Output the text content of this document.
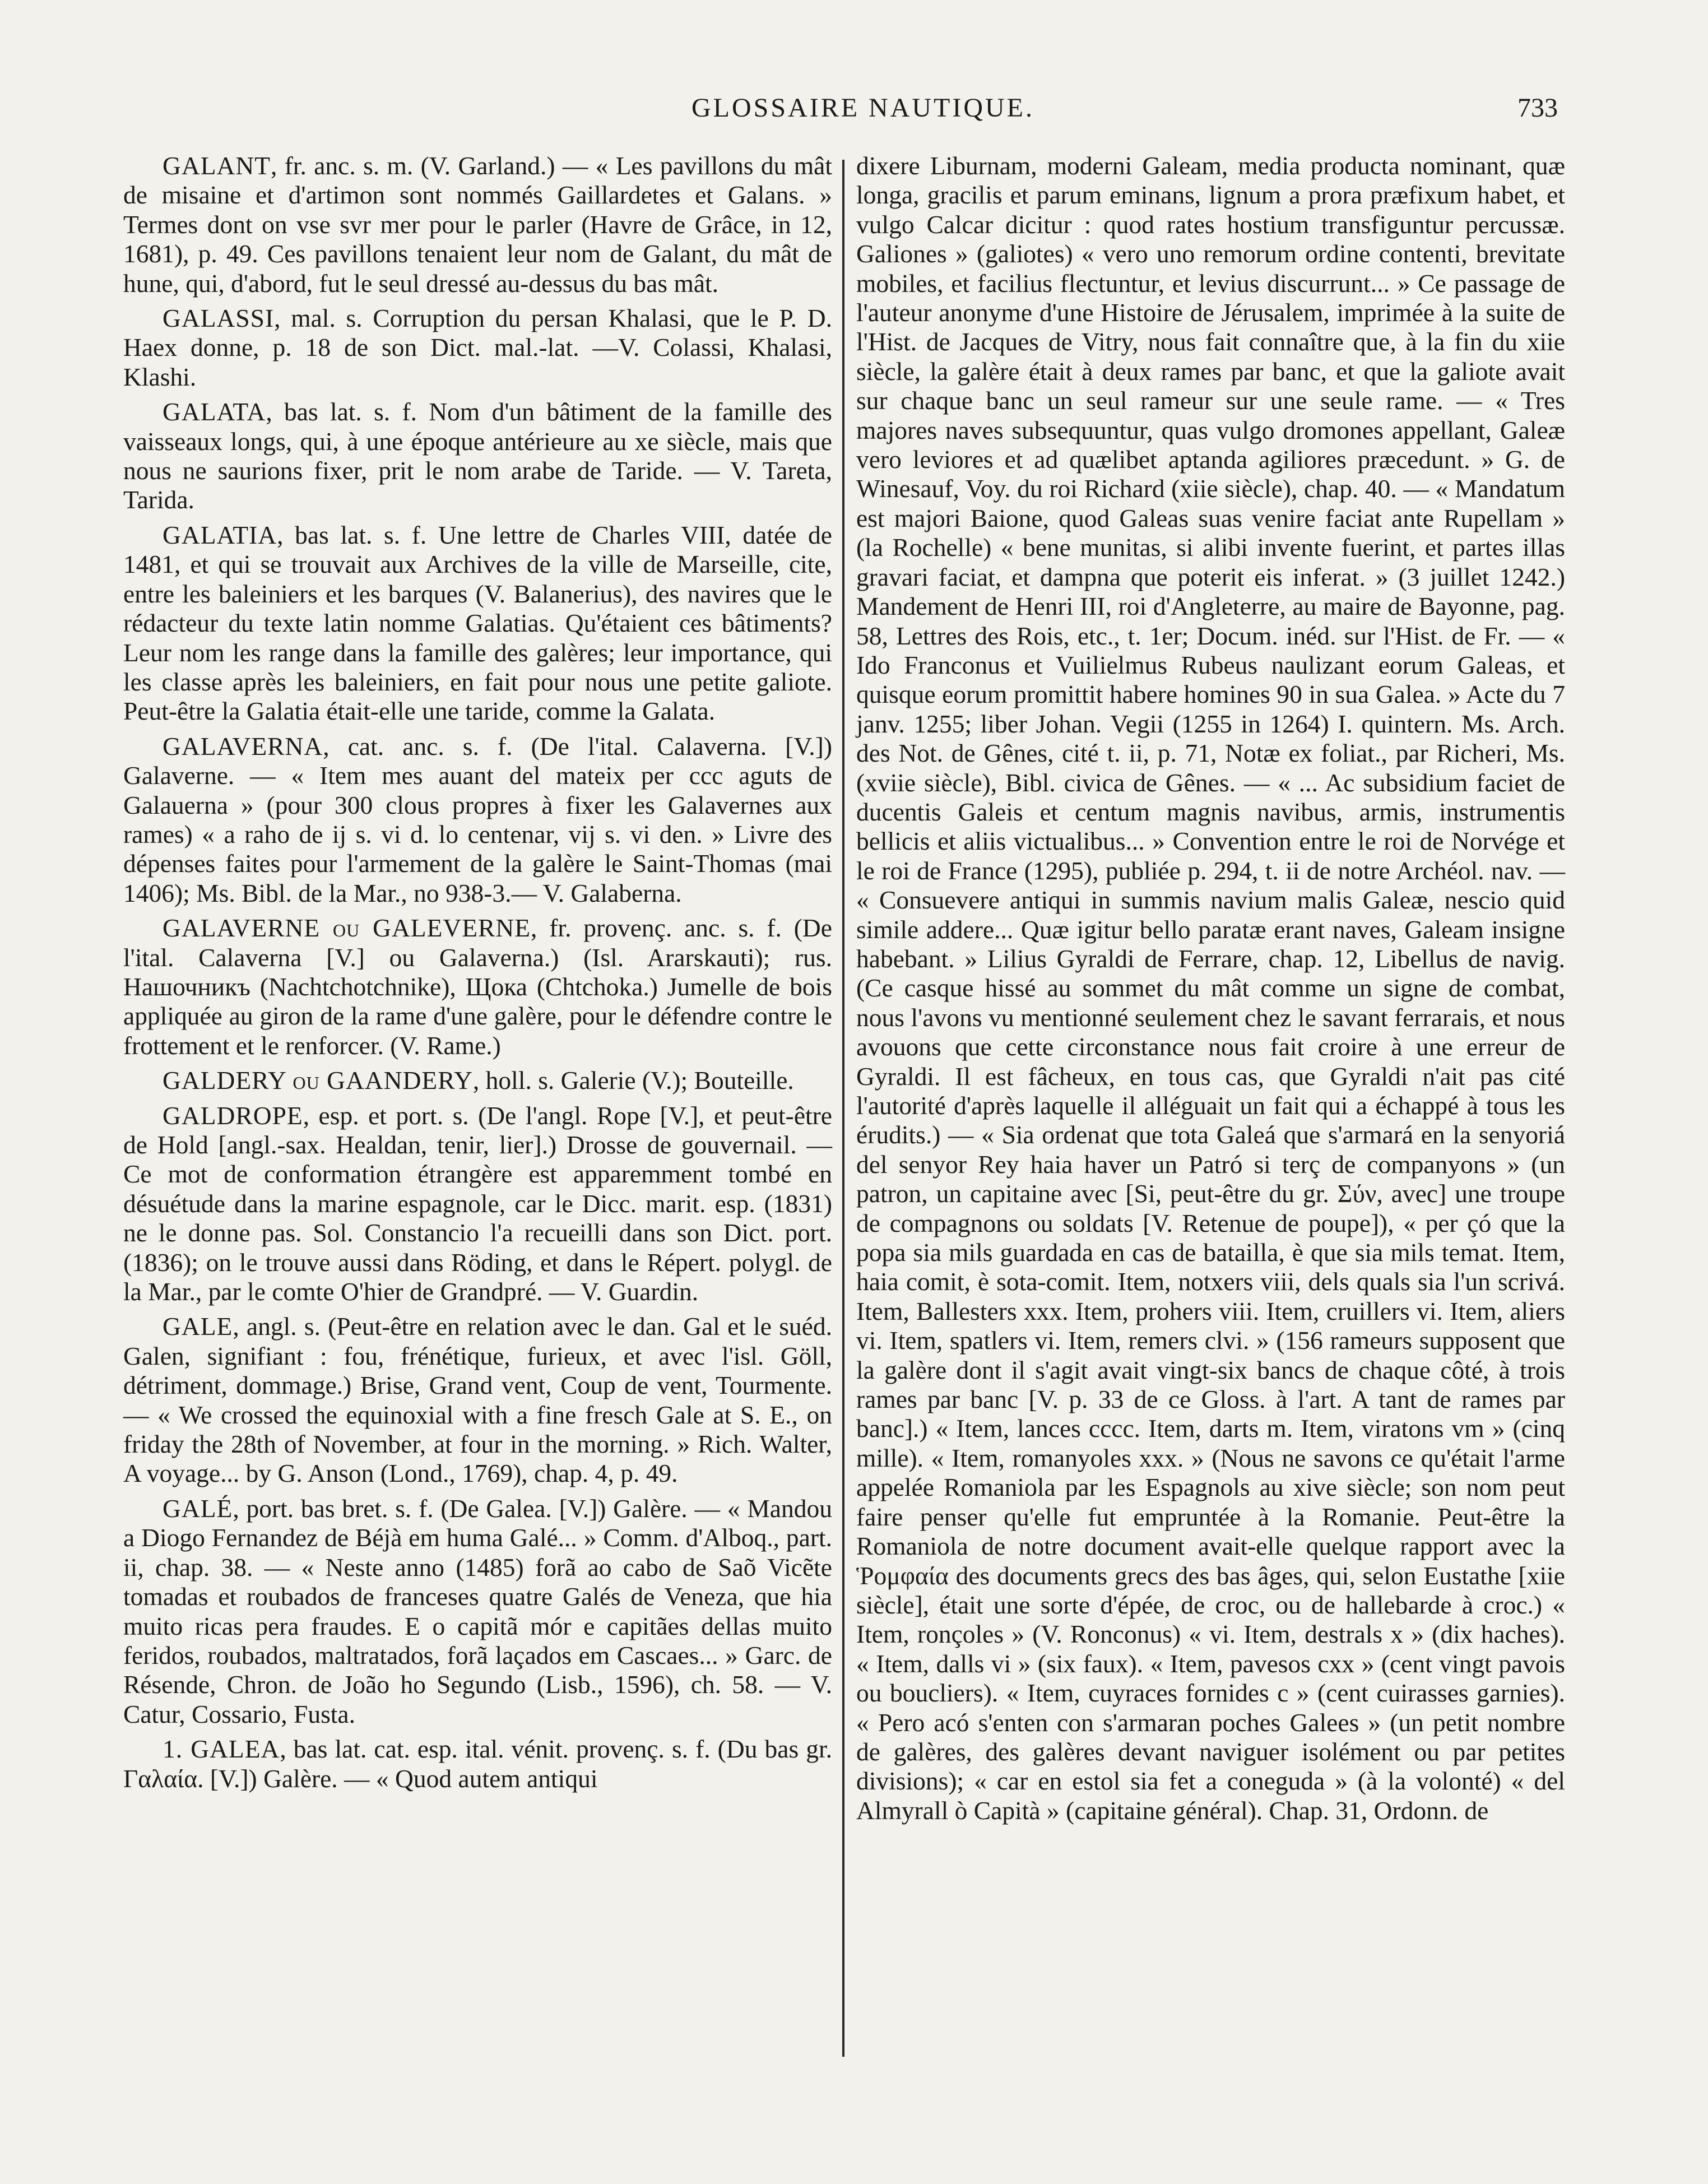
GLOSSAIRE NAUTIQUE.	733

GALANT, fr. anc. s. m. (V. Garland.) — « Les pavillons du mât de misaine et d'artimon sont nommés Gaillardetes et Galans. » Termes dont on vse svr mer pour le parler (Havre de Grâce, in 12, 1681), p. 49. Ces pavillons tenaient leur nom de Galant, du mât de hune, qui, d'abord, fut le seul dressé au-dessus du bas mât.

GALASSI, mal. s. Corruption du persan Khalasi, que le P. D. Haex donne, p. 18 de son Dict. mal.-lat. —V. Colassi, Khalasi, Klashi.

GALATA, bas lat. s. f. Nom d'un bâtiment de la famille des vaisseaux longs, qui, à une époque antérieure au xe siècle, mais que nous ne saurions fixer, prit le nom arabe de Taride. — V. Tareta, Tarida.

GALATIA, bas lat. s. f. Une lettre de Charles VIII, datée de 1481, et qui se trouvait aux Archives de la ville de Marseille, cite, entre les baleiniers et les barques (V. Balanerius), des navires que le rédacteur du texte latin nomme Galatias. Qu'étaient ces bâtiments? Leur nom les range dans la famille des galères; leur importance, qui les classe après les baleiniers, en fait pour nous une petite galiote. Peut-être la Galatia était-elle une taride, comme la Galata.

GALAVERNA, cat. anc. s. f. (De l'ital. Calaverna. [V.]) Galaverne. — « Item mes auant del mateix per ccc aguts de Galauerna » (pour 300 clous propres à fixer les Galavernes aux rames) « a raho de ij s. vi d. lo centenar, vij s. vi den. » Livre des dépenses faites pour l'armement de la galère le Saint-Thomas (mai 1406); Ms. Bibl. de la Mar., no 938-3.— V. Galaberna.

GALAVERNE ou GALEVERNE, fr. provenç. anc. s. f. (De l'ital. Calaverna [V.] ou Galaverna.) (Isl. Ararskauti); rus. Нашочникъ (Nachtchotchnike), Щока (Chtchoka.) Jumelle de bois appliquée au giron de la rame d'une galère, pour le défendre contre le frottement et le renforcer. (V. Rame.)

GALDERY ou GAANDERY, holl. s. Galerie (V.); Bouteille.

GALDROPE, esp. et port. s. (De l'angl. Rope [V.], et peut-être de Hold [angl.-sax. Healdan, tenir, lier].) Drosse de gouvernail. — Ce mot de conformation étrangère est apparemment tombé en désuétude dans la marine espagnole, car le Dicc. marit. esp. (1831) ne le donne pas. Sol. Constancio l'a recueilli dans son Dict. port. (1836); on le trouve aussi dans Röding, et dans le Répert. polygl. de la Mar., par le comte O'hier de Grandpré. — V. Guardin.

GALE, angl. s. (Peut-être en relation avec le dan. Gal et le suéd. Galen, signifiant : fou, frénétique, furieux, et avec l'isl. Göll, détriment, dommage.) Brise, Grand vent, Coup de vent, Tourmente. — « We crossed the equinoxial with a fine fresch Gale at S. E., on friday the 28th of November, at four in the morning. » Rich. Walter, A voyage... by G. Anson (Lond., 1769), chap. 4, p. 49.

GALÉ, port. bas bret. s. f. (De Galea. [V.]) Galère. — « Mandou a Diogo Fernandez de Béjà em huma Galé... » Comm. d'Alboq., part. ii, chap. 38. — « Neste anno (1485) forã ao cabo de Saõ Vicẽte tomadas et roubados de franceses quatre Galés de Veneza, que hia muito ricas pera fraudes. E o capitã mór e capitães dellas muito feridos, roubados, maltratados, forã laçados em Cascaes... » Garc. de Résende, Chron. de João ho Segundo (Lisb., 1596), ch. 58. — V. Catur, Cossario, Fusta.

1. GALEA, bas lat. cat. esp. ital. vénit. provenç. s. f. (Du bas gr. Γαλαία. [V.]) Galère. — « Quod autem antiqui

dixere Liburnam, moderni Galeam, media producta nominant, quæ longa, gracilis et parum eminans, lignum a prora præfixum habet, et vulgo Calcar dicitur : quod rates hostium transfiguntur percussæ. Galiones » (galiotes) « vero uno remorum ordine contenti, brevitate mobiles, et facilius flectuntur, et levius discurrunt... » Ce passage de l'auteur anonyme d'une Histoire de Jérusalem, imprimée à la suite de l'Hist. de Jacques de Vitry, nous fait connaître que, à la fin du xiie siècle, la galère était à deux rames par banc, et que la galiote avait sur chaque banc un seul rameur sur une seule rame. — « Tres majores naves subsequuntur, quas vulgo dromones appellant, Galeæ vero leviores et ad quælibet aptanda agiliores præcedunt. » G. de Winesauf, Voy. du roi Richard (xiie siècle), chap. 40. — « Mandatum est majori Baione, quod Galeas suas venire faciat ante Rupellam » (la Rochelle) « bene munitas, si alibi invente fuerint, et partes illas gravari faciat, et dampna que poterit eis inferat. » (3 juillet 1242.) Mandement de Henri III, roi d'Angleterre, au maire de Bayonne, pag. 58, Lettres des Rois, etc., t. 1er; Docum. inéd. sur l'Hist. de Fr. — « Ido Franconus et Vuilielmus Rubeus naulizant eorum Galeas, et quisque eorum promittit habere homines 90 in sua Galea. » Acte du 7 janv. 1255; liber Johan. Vegii (1255 in 1264) I. quintern. Ms. Arch. des Not. de Gênes, cité t. ii, p. 71, Notæ ex foliat., par Richeri, Ms. (xviie siècle), Bibl. civica de Gênes. — « ... Ac subsidium faciet de ducentis Galeis et centum magnis navibus, armis, instrumentis bellicis et aliis victualibus... » Convention entre le roi de Norvége et le roi de France (1295), publiée p. 294, t. ii de notre Archéol. nav. — « Consuevere antiqui in summis navium malis Galeæ, nescio quid simile addere... Quæ igitur bello paratæ erant naves, Galeam insigne habebant. » Lilius Gyraldi de Ferrare, chap. 12, Libellus de navig. (Ce casque hissé au sommet du mât comme un signe de combat, nous l'avons vu mentionné seulement chez le savant ferrarais, et nous avouons que cette circonstance nous fait croire à une erreur de Gyraldi. Il est fâcheux, en tous cas, que Gyraldi n'ait pas cité l'autorité d'après laquelle il alléguait un fait qui a échappé à tous les érudits.) — « Sia ordenat que tota Galeá que s'armará en la senyoriá del senyor Rey haia haver un Patró si terç de companyons » (un patron, un capitaine avec [Si, peut-être du gr. Σύν, avec] une troupe de compagnons ou soldats [V. Retenue de poupe]), « per çó que la popa sia mils guardada en cas de batailla, è que sia mils temat. Item, haia comit, è sota-comit. Item, notxers viii, dels quals sia l'un scrivá. Item, Ballesters xxx. Item, prohers viii. Item, cruillers vi. Item, aliers vi. Item, spatlers vi. Item, remers clvi. » (156 rameurs supposent que la galère dont il s'agit avait vingt-six bancs de chaque côté, à trois rames par banc [V. p. 33 de ce Gloss. à l'art. A tant de rames par banc].) « Item, lances cccc. Item, darts m. Item, viratons vm » (cinq mille). « Item, romanyoles xxx. » (Nous ne savons ce qu'était l'arme appelée Romaniola par les Espagnols au xive siècle; son nom peut faire penser qu'elle fut empruntée à la Romanie. Peut-être la Romaniola de notre document avait-elle quelque rapport avec la Ῥομφαία des documents grecs des bas âges, qui, selon Eustathe [xiie siècle], était une sorte d'épée, de croc, ou de hallebarde à croc.) « Item, ronçoles » (V. Ronconus) « vi. Item, destrals x » (dix haches). « Item, dalls vi » (six faux). « Item, pavesos cxx » (cent vingt pavois ou boucliers). « Item, cuyraces fornides c » (cent cuirasses garnies). « Pero acó s'enten con s'armaran poches Galees » (un petit nombre de galères, des galères devant naviguer isolément ou par petites divisions); « car en estol sia fet a coneguda » (à la volonté) « del Almyrall ò Capità » (capitaine général). Chap. 31, Ordonn. de
